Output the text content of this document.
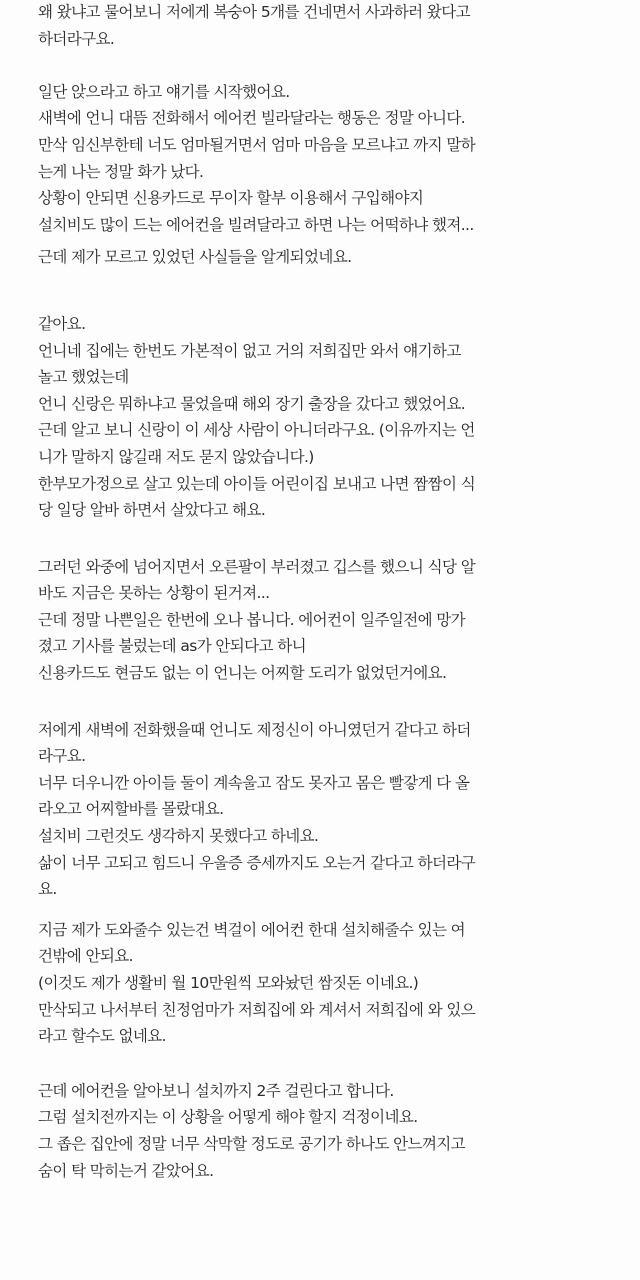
왜 왔냐고 물어보니 저에게 복숭아 5개를 건네면서 사과하러 왔다고
하더라구요.
일단 앉으라고 하고 얘기를 시작했어요.
새벽에 언니 대뜸 전화해서 에어컨 빌라달라는 행동은 정말 아니다.
만삭 임신부한테 너도 엄마될거면서 엄마 마음을 모르냐고 까지 말하
는게 나는 정말 화가 났다.
상황이 안되면 신용카드로 무이자 할부 이용해서 구입해야지
설치비도 많이 드는 에어컨을 빌려달라고 하면 나는 어떡하냐 했져...
근데 제가 모르고 있었던 사실들을 알게되었네요.
같아요.
언니네 집에는 한번도 가본적이 없고 거의 저희집만 와서 얘기하고
놀고 했었는데
언니 신랑은 뭐하냐고 물었을때 해외 장기 출장을 갔다고 했었어요.
근데 알고 보니 신랑이 이 세상 사람이 아니더라구요. (이유까지는 언
니가 말하지 않길래 저도 묻지 않았습니다.)
한부모가정으로 살고 있는데 아이들 어린이집 보내고 나면 짬짬이 식
당 일당 알바 하면서 살았다고 해요.
그러던 와중에 넘어지면서 오른팔이 부러졌고 깁스를 했으니 식당 알
바도 지금은 못하는 상황이 된거져...
근데 정말 나쁜일은 한번에 오나 봅니다. 에어컨이 일주일전에 망가
졌고 기사를 불렀는데 as가 안되다고 하니
신용카드도 현금도 없는 이 언니는 어찌할 도리가 없었던거에요.
저에게 새벽에 전화했을때 언니도 제정신이 아니였던거 같다고 하더
라구요.
너무 더우니깐 아이들 둘이 계속울고 잠도 못자고 몸은 빨갛게 다 올
라오고 어찌할바를 몰랐대요.
설치비 그런것도 생각하지 못했다고 하네요.
삶이 너무 고되고 힘드니 우울증 증세까지도 오는거 같다고 하더라구
요.
지금 제가 도와줄수 있는건 벽걸이 에어컨 한대 설치해줄수 있는 여
건밖에 안되요.
(이것도 제가 생활비 월 10만원씩 모와놨던 쌈짓돈 이네요.)
만삭되고 나서부터 친정엄마가 저희집에 와 계셔서 저희집에 와 있으
라고 할수도 없네요.
근데 에어컨을 알아보니 설치까지 2주 걸린다고 합니다.
그럼 설치전까지는 이 상황을 어떻게 해야 할지 걱정이네요.
그 좁은 집안에 정말 너무 삭막할 정도로 공기가 하나도 안느껴지고
숨이 탁 막히는거 같았어요.
